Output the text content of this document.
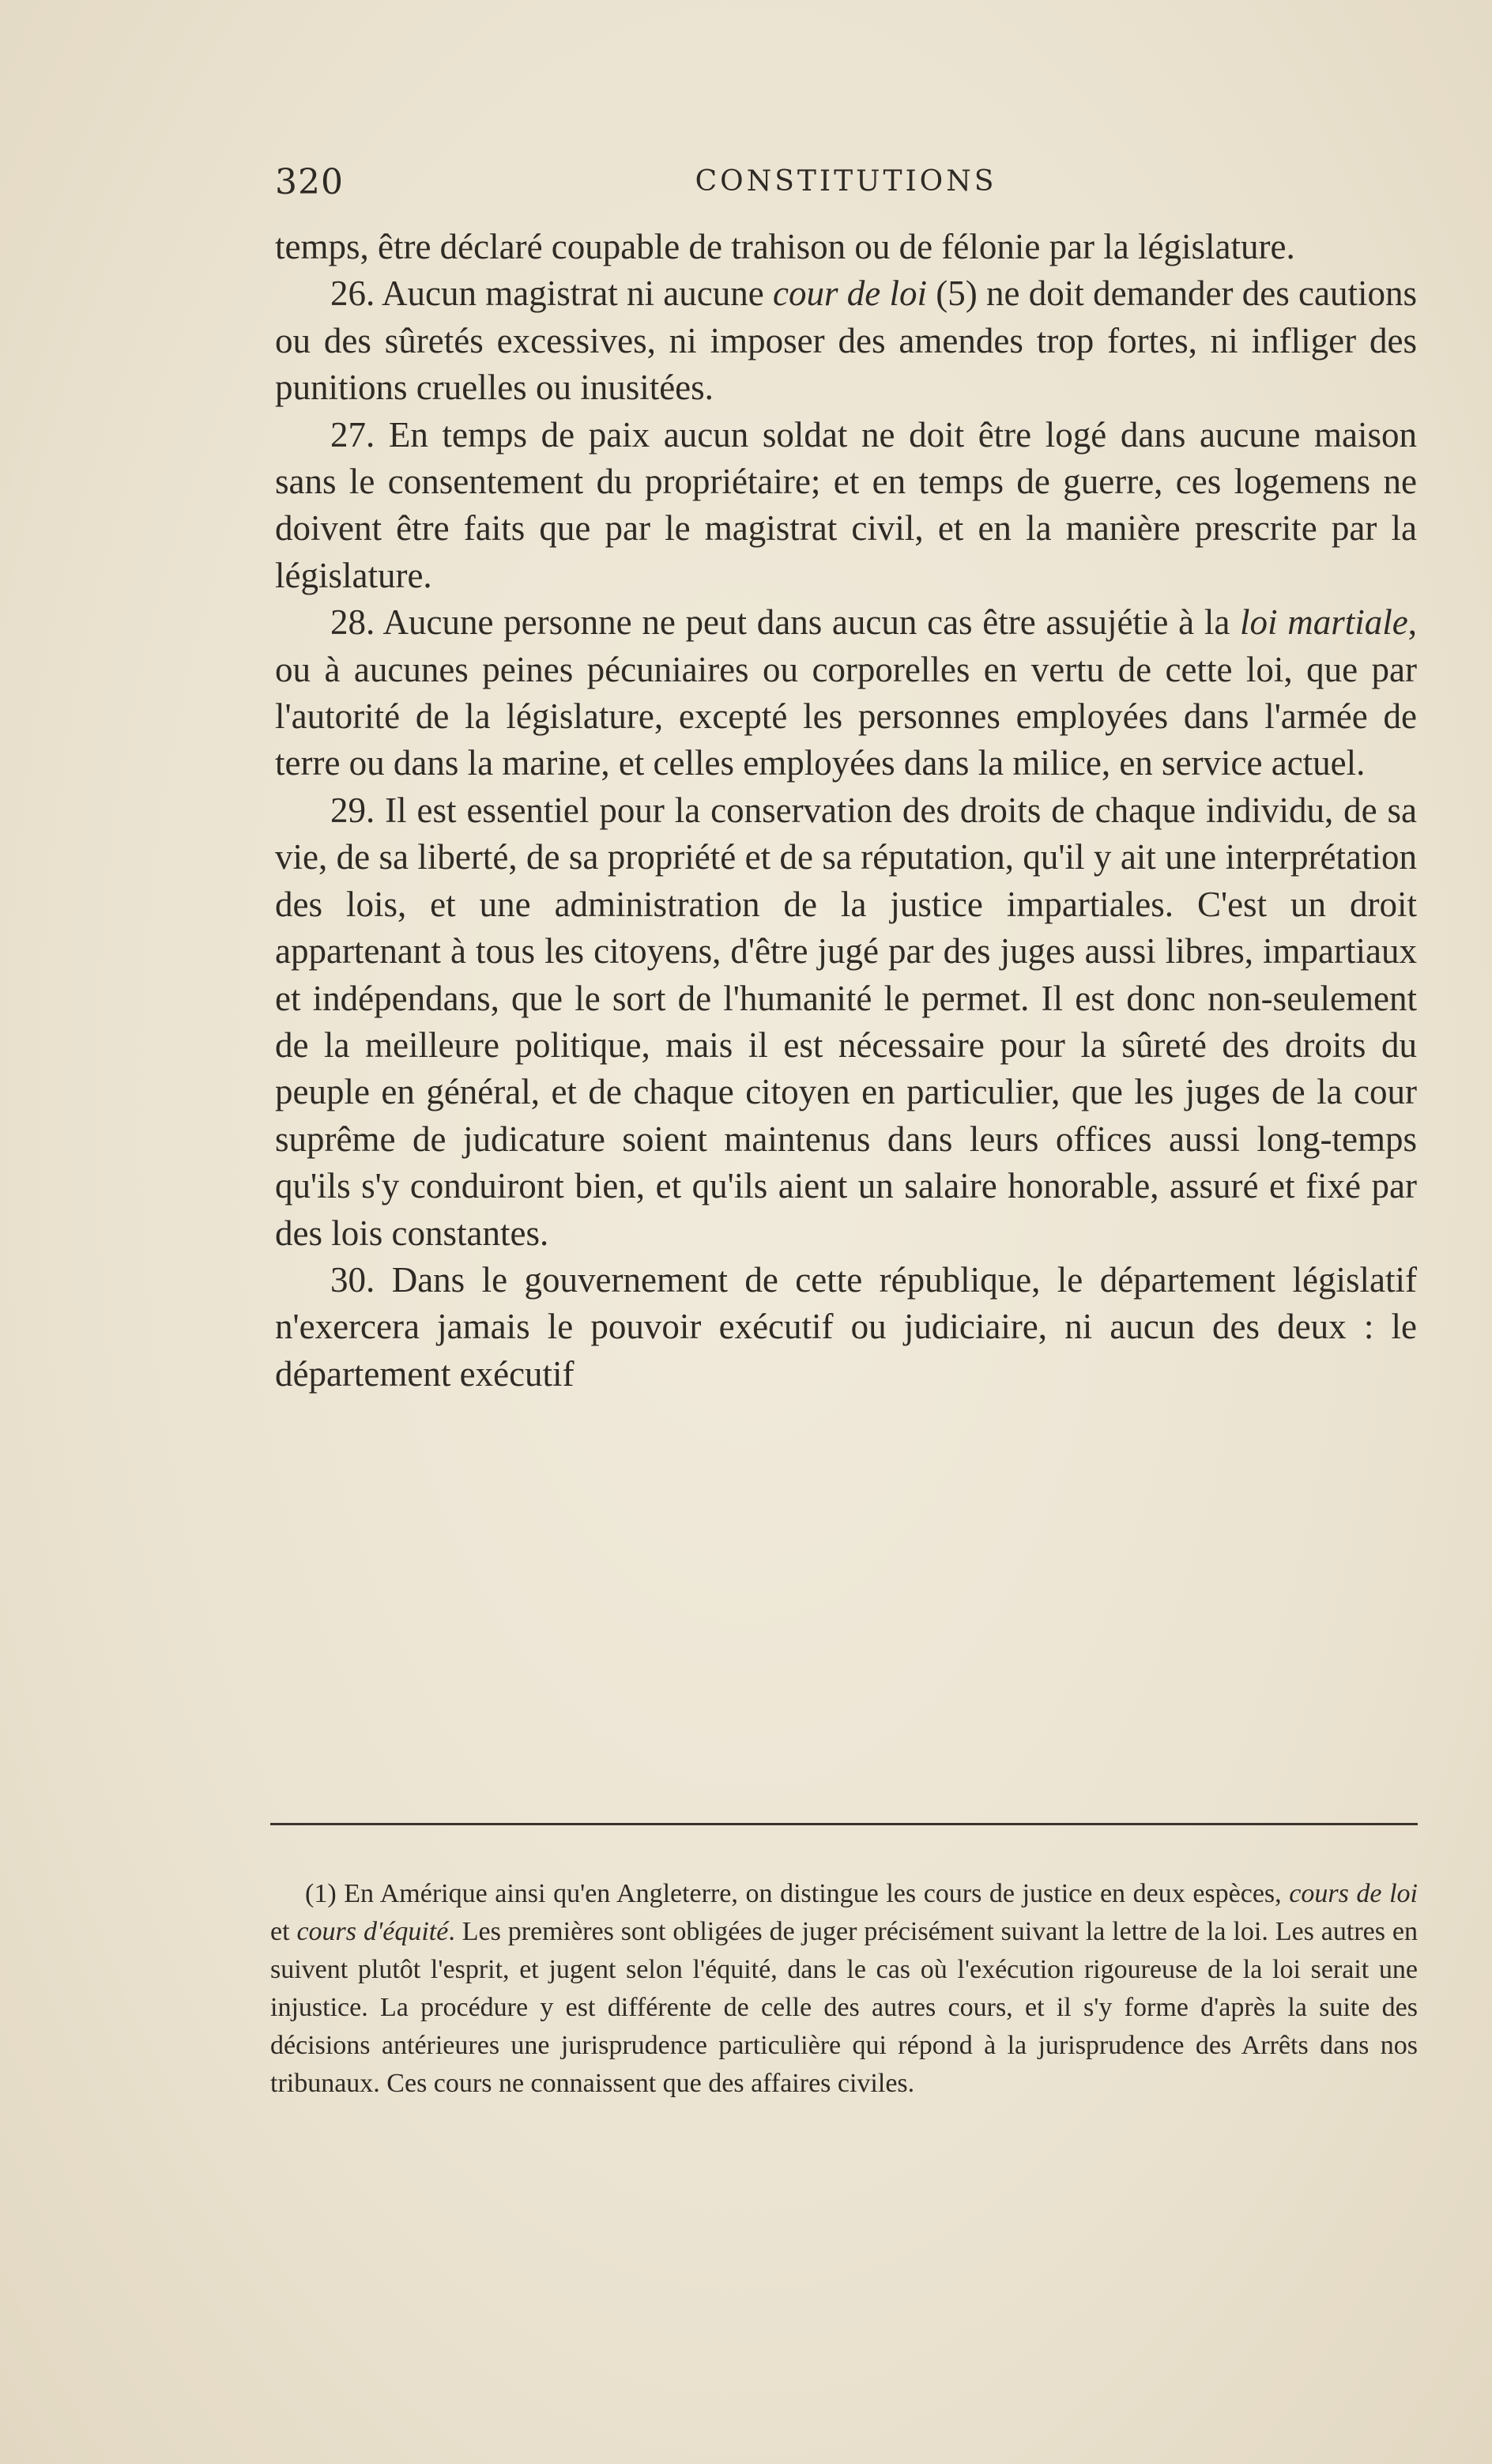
320	CONSTITUTIONS

temps, être déclaré coupable de trahison ou de félonie par la législature.

26. Aucun magistrat ni aucune cour de loi (5) ne doit demander des cautions ou des sûretés excessives, ni imposer des amendes trop fortes, ni infliger des punitions cruelles ou inusitées.

27. En temps de paix aucun soldat ne doit être logé dans aucune maison sans le consentement du propriétaire; et en temps de guerre, ces logemens ne doivent être faits que par le magistrat civil, et en la manière prescrite par la législature.

28. Aucune personne ne peut dans aucun cas être assujétie à la loi martiale, ou à aucunes peines pécuniaires ou corporelles en vertu de cette loi, que par l'autorité de la législature, excepté les personnes employées dans l'armée de terre ou dans la marine, et celles employées dans la milice, en service actuel.

29. Il est essentiel pour la conservation des droits de chaque individu, de sa vie, de sa liberté, de sa propriété et de sa réputation, qu'il y ait une interprétation des lois, et une administration de la justice impartiales. C'est un droit appartenant à tous les citoyens, d'être jugé par des juges aussi libres, impartiaux et indépendans, que le sort de l'humanité le permet. Il est donc non-seulement de la meilleure politique, mais il est nécessaire pour la sûreté des droits du peuple en général, et de chaque citoyen en particulier, que les juges de la cour suprême de judicature soient maintenus dans leurs offices aussi long-temps qu'ils s'y conduiront bien, et qu'ils aient un salaire honorable, assuré et fixé par des lois constantes.

30. Dans le gouvernement de cette république, le département législatif n'exercera jamais le pouvoir exécutif ou judiciaire, ni aucun des deux : le département exécutif

(1) En Amérique ainsi qu'en Angleterre, on distingue les cours de justice en deux espèces, cours de loi et cours d'équité. Les premières sont obligées de juger précisément suivant la lettre de la loi. Les autres en suivent plutôt l'esprit, et jugent selon l'équité, dans le cas où l'exécution rigoureuse de la loi serait une injustice. La procédure y est différente de celle des autres cours, et il s'y forme d'après la suite des décisions antérieures une jurisprudence particulière qui répond à la jurisprudence des Arrêts dans nos tribunaux. Ces cours ne connaissent que des affaires civiles.
